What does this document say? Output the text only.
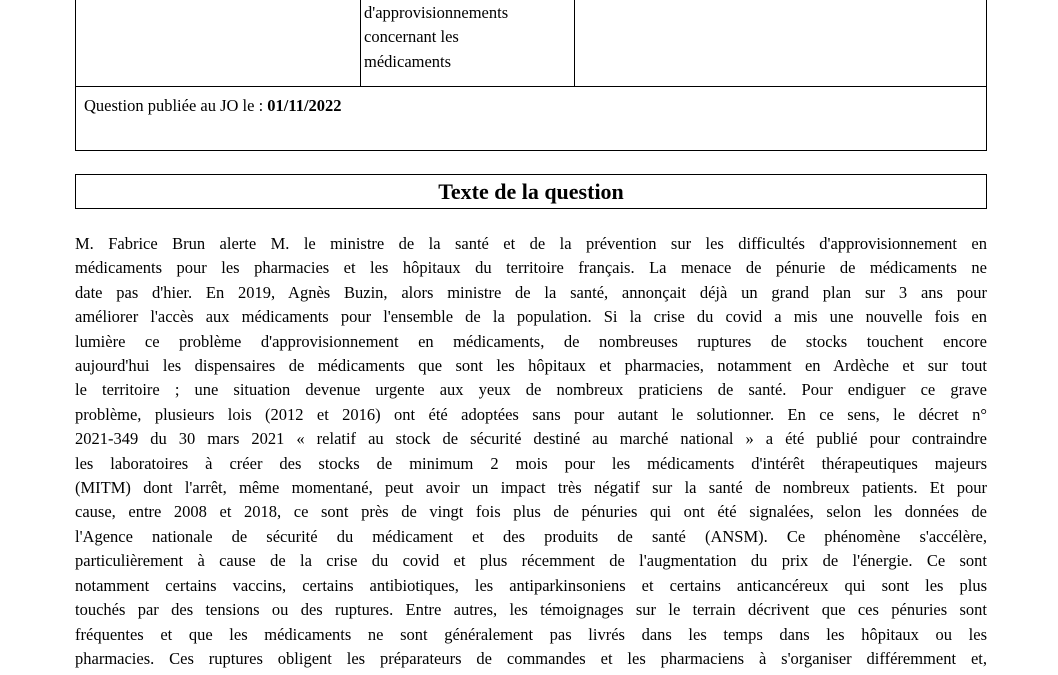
d'approvisionnements
concernant les
médicaments
Question publiée au JO le : 01/11/2022
Texte de la question
M. Fabrice Brun alerte M. le ministre de la santé et de la prévention sur les difficultés d'approvisionnement en
médicaments pour les pharmacies et les hôpitaux du territoire français. La menace de pénurie de médicaments ne
date pas d'hier. En 2019, Agnès Buzin, alors ministre de la santé, annonçait déjà un grand plan sur 3 ans pour
améliorer l'accès aux médicaments pour l'ensemble de la population. Si la crise du covid a mis une nouvelle fois en
lumière ce problème d'approvisionnement en médicaments, de nombreuses ruptures de stocks touchent encore
aujourd'hui les dispensaires de médicaments que sont les hôpitaux et pharmacies, notamment en Ardèche et sur tout
le territoire ; une situation devenue urgente aux yeux de nombreux praticiens de santé. Pour endiguer ce grave
problème, plusieurs lois (2012 et 2016) ont été adoptées sans pour autant le solutionner. En ce sens, le décret n°
2021-349 du 30 mars 2021 « relatif au stock de sécurité destiné au marché national » a été publié pour contraindre
les laboratoires à créer des stocks de minimum 2 mois pour les médicaments d'intérêt thérapeutiques majeurs
(MITM) dont l'arrêt, même momentané, peut avoir un impact très négatif sur la santé de nombreux patients. Et pour
cause, entre 2008 et 2018, ce sont près de vingt fois plus de pénuries qui ont été signalées, selon les données de
l'Agence nationale de sécurité du médicament et des produits de santé (ANSM). Ce phénomène s'accélère,
particulièrement à cause de la crise du covid et plus récemment de l'augmentation du prix de l'énergie. Ce sont
notamment certains vaccins, certains antibiotiques, les antiparkinsoniens et certains anticancéreux qui sont les plus
touchés par des tensions ou des ruptures. Entre autres, les témoignages sur le terrain décrivent que ces pénuries sont
fréquentes et que les médicaments ne sont généralement pas livrés dans les temps dans les hôpitaux ou les
pharmacies. Ces ruptures obligent les préparateurs de commandes et les pharmaciens à s'organiser différemment et,
